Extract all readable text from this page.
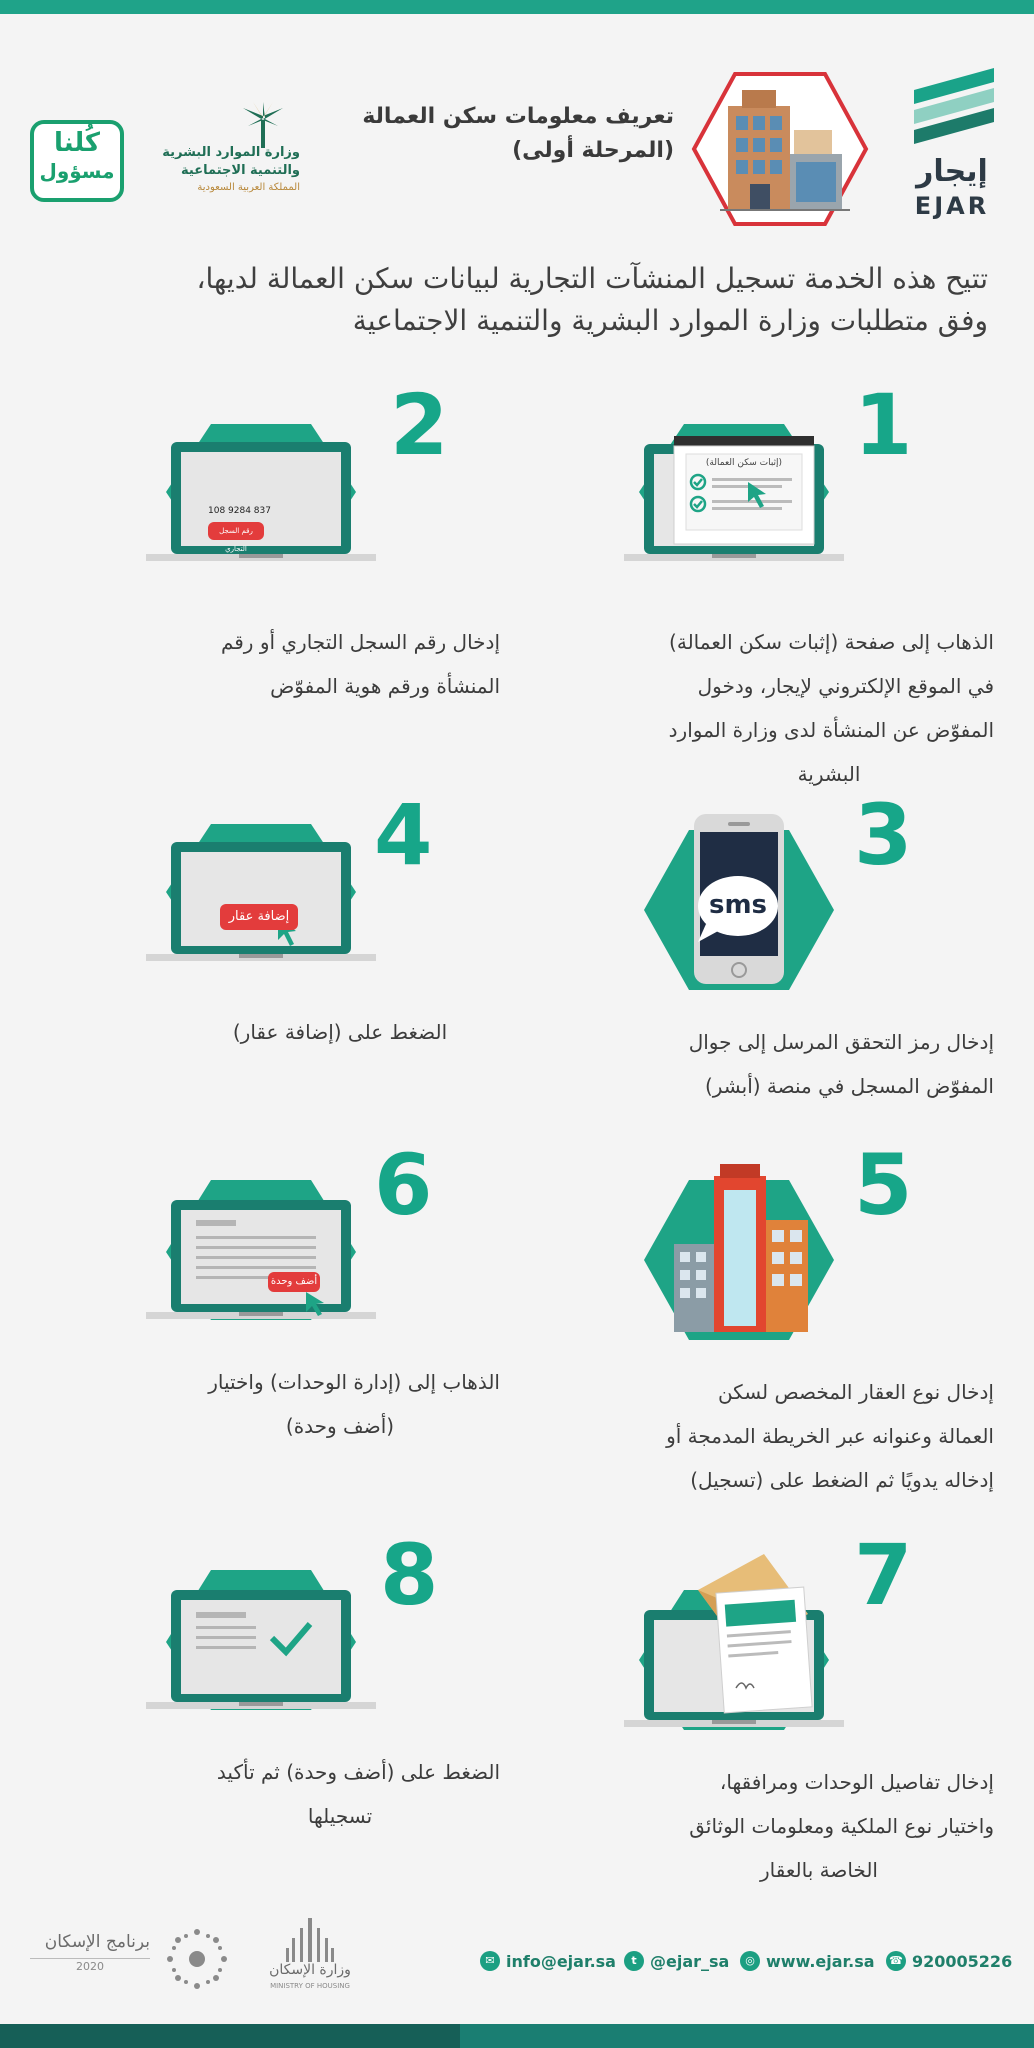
إيجار
EJAR
تعريف معلومات سكن العمالة
(المرحلة أولى)
وزارة الموارد البشرية
والتنمية الاجتماعية
المملكة العربية السعودية
كُلنا
مسؤول
تتيح هذه الخدمة تسجيل المنشآت التجارية لبيانات سكن العمالة لديها،
وفق متطلبات وزارة الموارد البشرية والتنمية الاجتماعية
1
(إثبات سكن العمالة)
الذهاب إلى صفحة (إثبات سكن العمالة)
في الموقع الإلكتروني لإيجار، ودخول
المفوّض عن المنشأة لدى وزارة الموارد
البشرية
2
108 9284 837
رقم السجل التجاري
إدخال رقم السجل التجاري أو رقم
المنشأة ورقم هوية المفوّض
3
sms
إدخال رمز التحقق المرسل إلى جوال
المفوّض المسجل في منصة (أبشر)
4
إضافة عقار
الضغط على (إضافة عقار)
5
إدخال نوع العقار المخصص لسكن
العمالة وعنوانه عبر الخريطة المدمجة أو
إدخاله يدويًا ثم الضغط على (تسجيل)
6
أضف وحدة
الذهاب إلى (إدارة الوحدات) واختيار
(أضف وحدة)
7
إدخال تفاصيل الوحدات ومرافقها،
واختيار نوع الملكية ومعلومات الوثائق
الخاصة بالعقار
8
الضغط على (أضف وحدة) ثم تأكيد
تسجيلها
برنامج الإسكان
2020	وزارة الإسكان
MINISTRY OF HOUSING
✉ info@ejar.sa	t @ejar_sa	◎ www.ejar.sa ☎ 920005226
